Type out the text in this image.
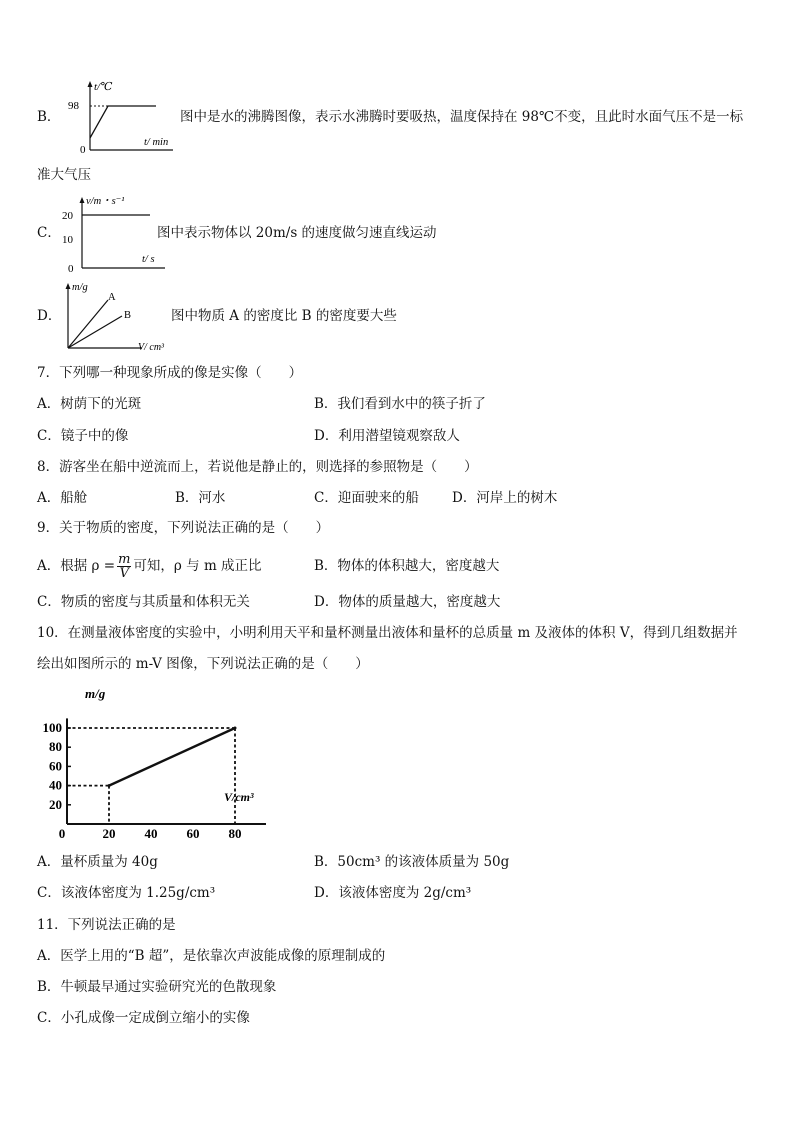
B．
t/℃
98
0
t/ min
图中是水的沸腾图像，表示水沸腾时要吸热，温度保持在 98℃不变，且此时水面气压不是一标
准大气压
C．
v/m・s⁻¹
20
10
0
t/ s
图中表示物体以 20m/s 的速度做匀速直线运动
D．
m/g
A
B
V/ cm³
图中物质 A 的密度比 B 的密度要大些
7．下列哪一种现象所成的像是实像（　　）
A．树荫下的光斑	B．我们看到水中的筷子折了
C．镜子中的像	D．利用潜望镜观察敌人
8．游客坐在船中逆流而上，若说他是静止的，则选择的参照物是（　　）
A．船舱	B．河水	C．迎面驶来的船 D．河岸上的树木
9．关于物质的密度，下列说法正确的是（　　）
A．根据 $\rho = \frac{m}{V}$ 可知，ρ 与 m 成正比	B．物体的体积越大，密度越大
C．物质的密度与其质量和体积无关	D．物体的质量越大，密度越大
10．在测量液体密度的实验中，小明利用天平和量杯测量出液体和量杯的总质量 m 及液体的体积 V，得到几组数据并
绘出如图所示的 m-V 图像，下列说法正确的是（　　）
m/g
V/cm³
20
40
60
80
100
0	20 40 60 80
A．量杯质量为 40g	B．50cm³ 的该液体质量为 50g
C．该液体密度为 1.25g/cm³	D．该液体密度为 2g/cm³
11．下列说法正确的是
A．医学上用的“B 超”，是依靠次声波能成像的原理制成的
B．牛顿最早通过实验研究光的色散现象
C．小孔成像一定成倒立缩小的实像
